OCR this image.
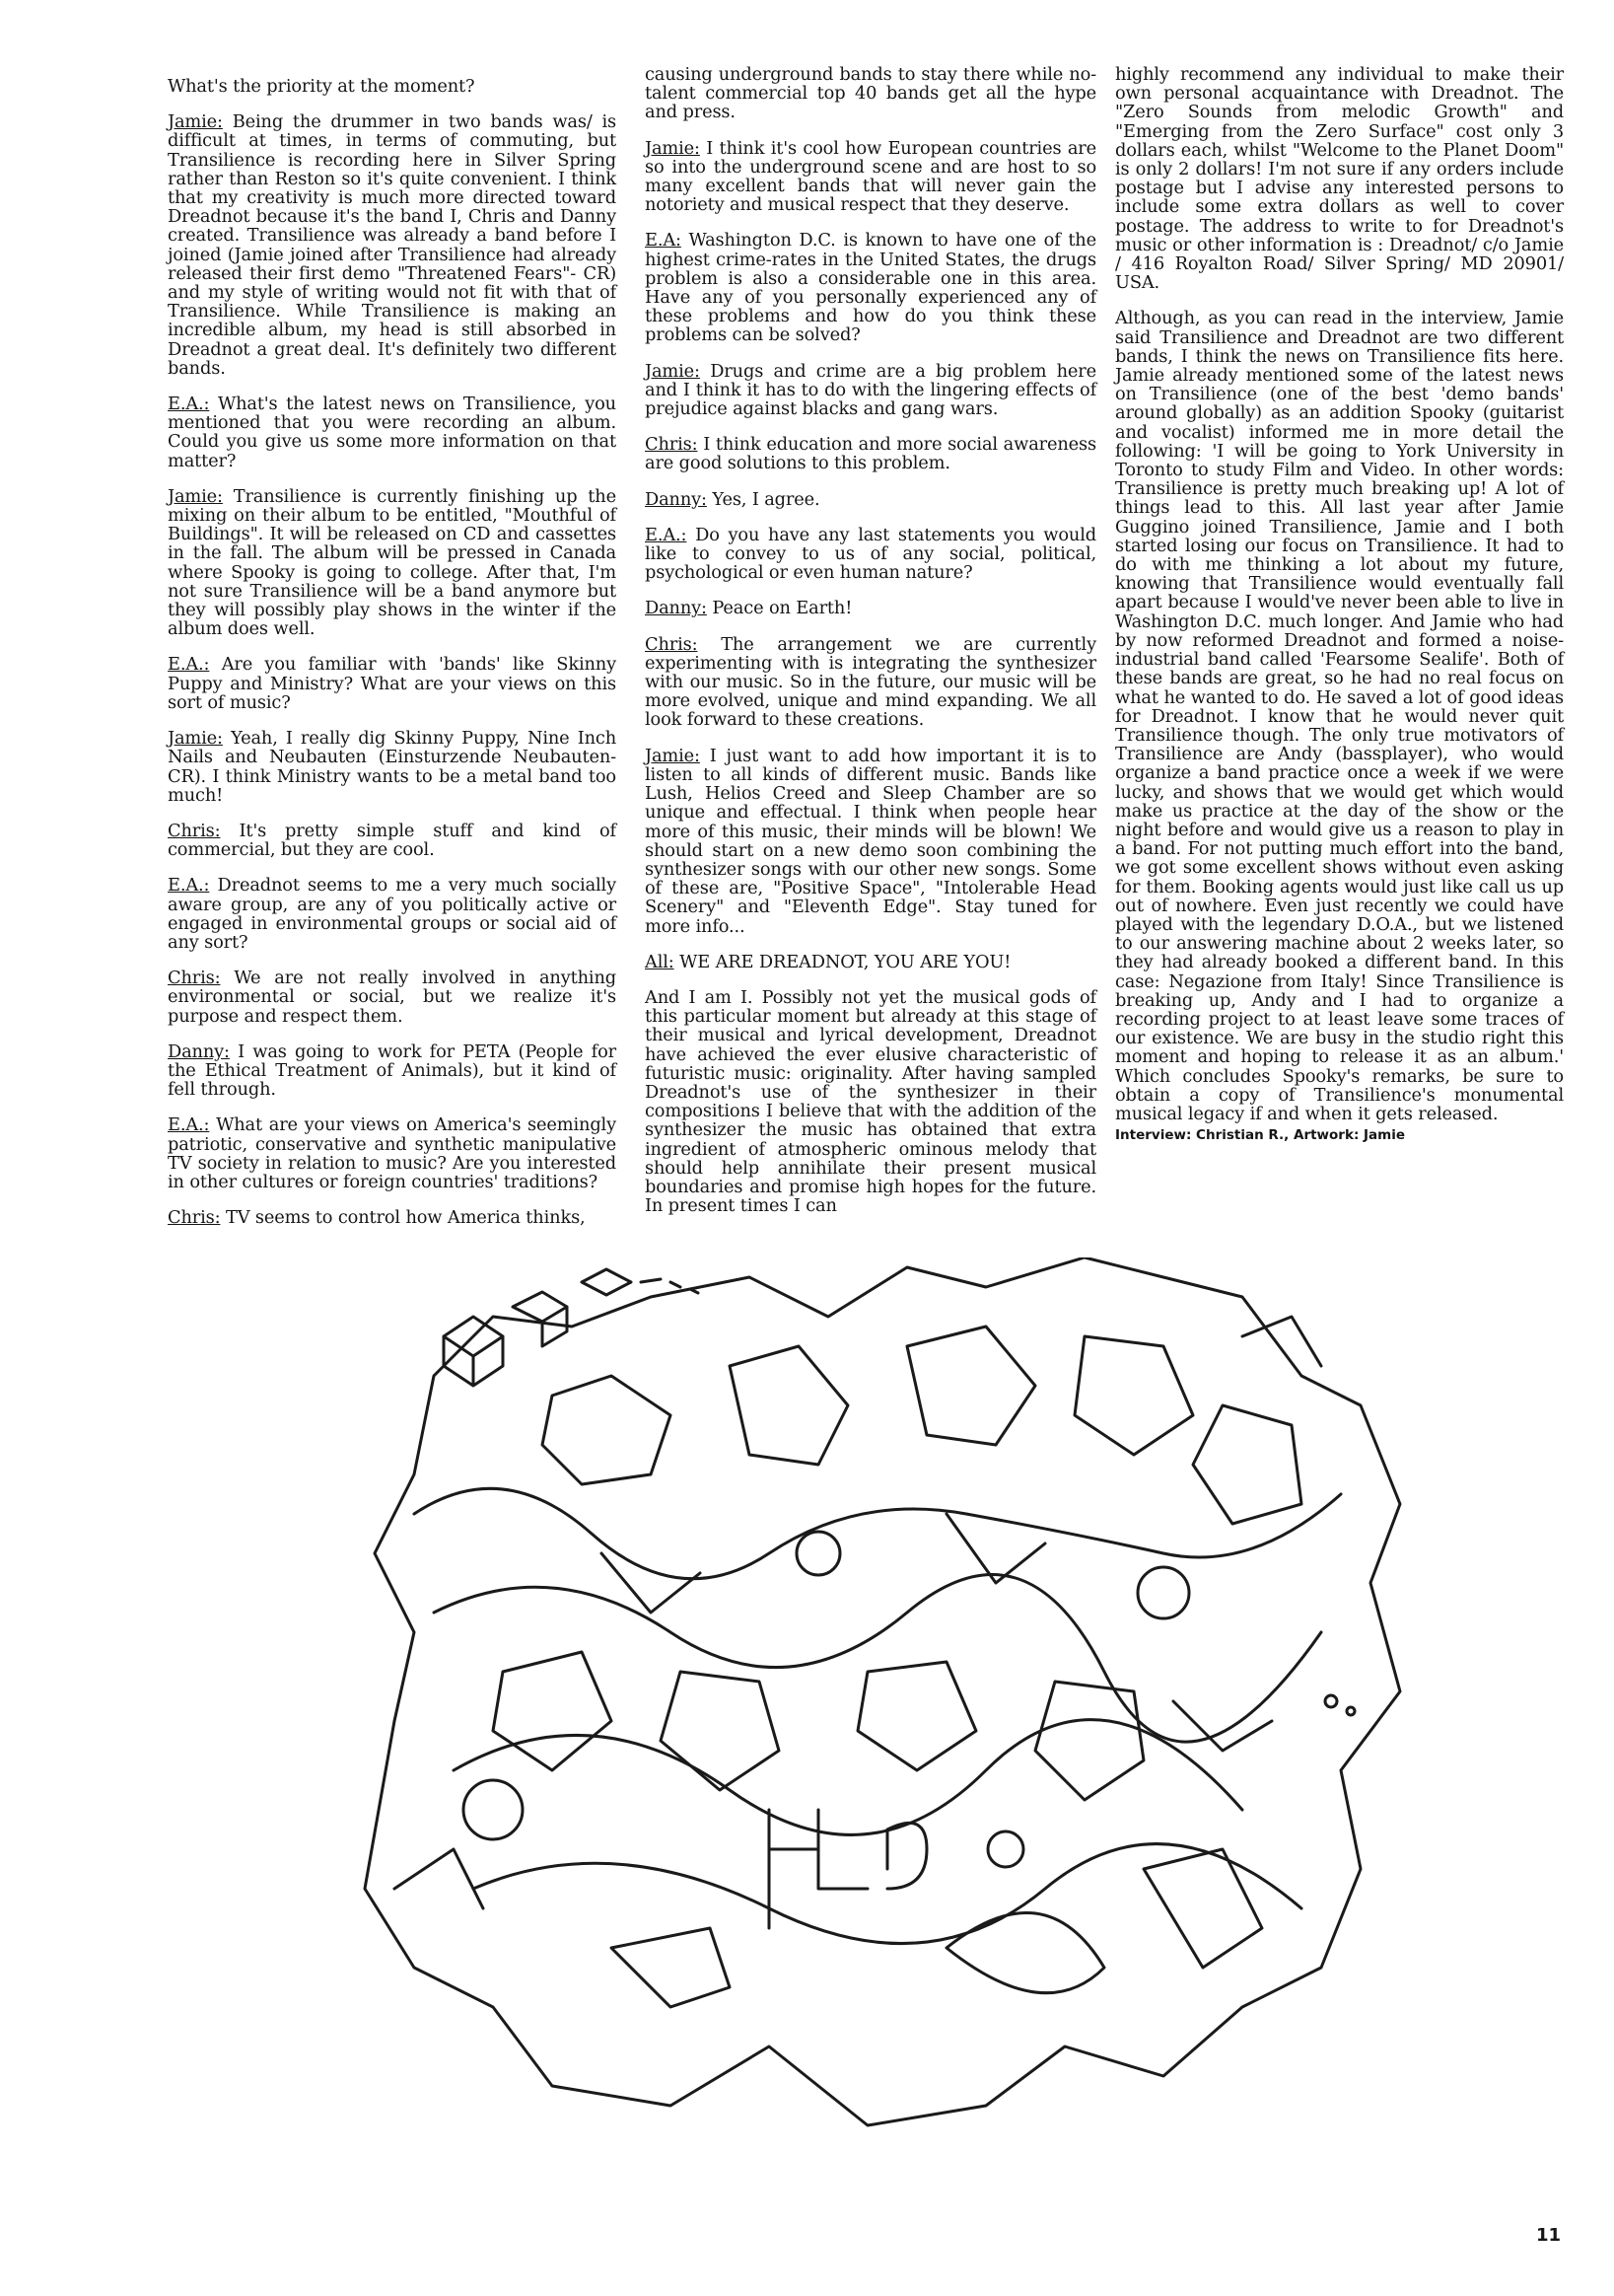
What's the priority at the moment?

Jamie: Being the drummer in two bands was/ is difficult at times, in terms of commuting, but Transilience is recording here in Silver Spring rather than Reston so it's quite convenient. I think that my creativity is much more directed toward Dreadnot because it's the band I, Chris and Danny created. Transilience was already a band before I joined (Jamie joined after Transilience had already released their first demo "Threatened Fears"- CR) and my style of writing would not fit with that of Transilience. While Transilience is making an incredible album, my head is still absorbed in Dreadnot a great deal. It's definitely two different bands.

E.A.: What's the latest news on Transilience, you mentioned that you were recording an album. Could you give us some more information on that matter?

Jamie: Transilience is currently finishing up the mixing on their album to be entitled, "Mouthful of Buildings". It will be released on CD and cassettes in the fall. The album will be pressed in Canada where Spooky is going to college. After that, I'm not sure Transilience will be a band anymore but they will possibly play shows in the winter if the album does well.

E.A.: Are you familiar with 'bands' like Skinny Puppy and Ministry? What are your views on this sort of music?

Jamie: Yeah, I really dig Skinny Puppy, Nine Inch Nails and Neubauten (Einsturzende Neubauten- CR). I think Ministry wants to be a metal band too much!

Chris: It's pretty simple stuff and kind of commercial, but they are cool.

E.A.: Dreadnot seems to me a very much socially aware group, are any of you politically active or engaged in environmental groups or social aid of any sort?

Chris: We are not really involved in anything environmental or social, but we realize it's purpose and respect them.

Danny: I was going to work for PETA (People for the Ethical Treatment of Animals), but it kind of fell through.

E.A.: What are your views on America's seemingly patriotic, conservative and synthetic manipulative TV society in relation to music? Are you interested in other cultures or foreign countries' traditions?

Chris: TV seems to control how America thinks,

causing underground bands to stay there while no-talent commercial top 40 bands get all the hype and press.

Jamie: I think it's cool how European countries are so into the underground scene and are host to so many excellent bands that will never gain the notoriety and musical respect that they deserve.

E.A: Washington D.C. is known to have one of the highest crime-rates in the United States, the drugs problem is also a considerable one in this area. Have any of you personally experienced any of these problems and how do you think these problems can be solved?

Jamie: Drugs and crime are a big problem here and I think it has to do with the lingering effects of prejudice against blacks and gang wars.

Chris: I think education and more social awareness are good solutions to this problem.

Danny: Yes, I agree.

E.A.: Do you have any last statements you would like to convey to us of any social, political, psychological or even human nature?

Danny: Peace on Earth!

Chris: The arrangement we are currently experimenting with is integrating the synthesizer with our music. So in the future, our music will be more evolved, unique and mind expanding. We all look forward to these creations.

Jamie: I just want to add how important it is to listen to all kinds of different music. Bands like Lush, Helios Creed and Sleep Chamber are so unique and effectual. I think when people hear more of this music, their minds will be blown! We should start on a new demo soon combining the synthesizer songs with our other new songs. Some of these are, "Positive Space", "Intolerable Head Scenery" and "Eleventh Edge". Stay tuned for more info...

All: WE ARE DREADNOT, YOU ARE YOU!

And I am I. Possibly not yet the musical gods of this particular moment but already at this stage of their musical and lyrical development, Dreadnot have achieved the ever elusive characteristic of futuristic music: originality. After having sampled Dreadnot's use of the synthesizer in their compositions I believe that with the addition of the synthesizer the music has obtained that extra ingredient of atmospheric ominous melody that should help annihilate their present musical boundaries and promise high hopes for the future. In present times I can

highly recommend any individual to make their own personal acquaintance with Dreadnot. The "Zero Sounds from melodic Growth" and "Emerging from the Zero Surface" cost only 3 dollars each, whilst "Welcome to the Planet Doom" is only 2 dollars! I'm not sure if any orders include postage but I advise any interested persons to include some extra dollars as well to cover postage. The address to write to for Dreadnot's music or other information is : Dreadnot/ c/o Jamie / 416 Royalton Road/ Silver Spring/ MD 20901/ USA.

Although, as you can read in the interview, Jamie said Transilience and Dreadnot are two different bands, I think the news on Transilience fits here. Jamie already mentioned some of the latest news on Transilience (one of the best 'demo bands' around globally) as an addition Spooky (guitarist and vocalist) informed me in more detail the following: 'I will be going to York University in Toronto to study Film and Video. In other words: Transilience is pretty much breaking up! A lot of things lead to this. All last year after Jamie Guggino joined Transilience, Jamie and I both started losing our focus on Transilience. It had to do with me thinking a lot about my future, knowing that Transilience would eventually fall apart because I would've never been able to live in Washington D.C. much longer. And Jamie who had by now reformed Dreadnot and formed a noise-industrial band called 'Fearsome Sealife'. Both of these bands are great, so he had no real focus on what he wanted to do. He saved a lot of good ideas for Dreadnot. I know that he would never quit Transilience though. The only true motivators of Transilience are Andy (bassplayer), who would organize a band practice once a week if we were lucky, and shows that we would get which would make us practice at the day of the show or the night before and would give us a reason to play in a band. For not putting much effort into the band, we got some excellent shows without even asking for them. Booking agents would just like call us up out of nowhere. Even just recently we could have played with the legendary D.O.A., but we listened to our answering machine about 2 weeks later, so they had already booked a different band. In this case: Negazione from Italy! Since Transilience is breaking up, Andy and I had to organize a recording project to at least leave some traces of our existence. We are busy in the studio right this moment and hoping to release it as an album.' Which concludes Spooky's remarks, be sure to obtain a copy of Transilience's monumental musical legacy if and when it gets released.

Interview: Christian R., Artwork: Jamie
11
